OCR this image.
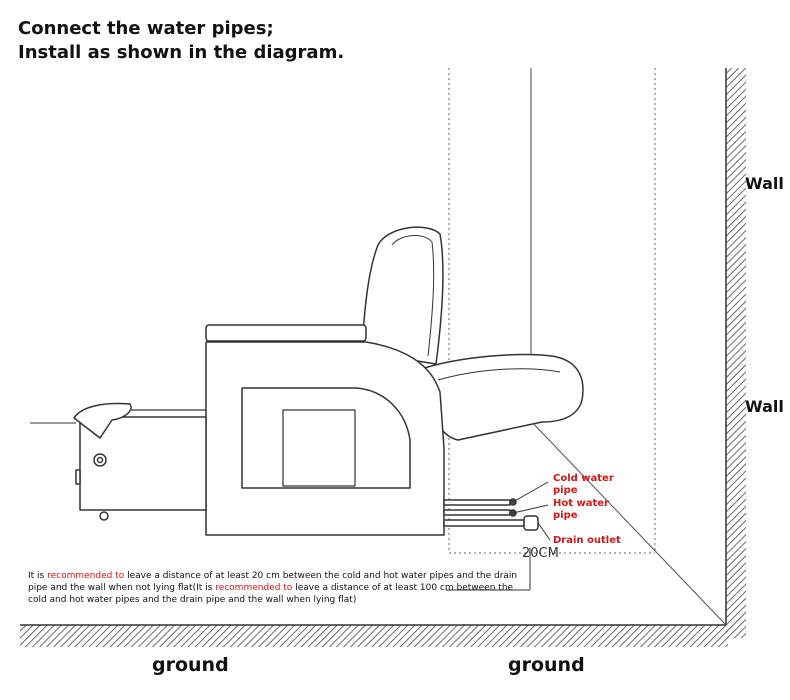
Connect the water pipes;
Install as shown in the diagram.
Wall
Wall
ground	ground
Cold water
pipe
Hot water
pipe
Drain outlet
20CM
It is recommended to leave a distance of at least 20 cm between the cold and hot water pipes and the drain pipe and the wall when not lying flat(It is recommended to leave a distance of at least 100 cm between the cold and hot water pipes and the drain pipe and the wall when lying flat)
